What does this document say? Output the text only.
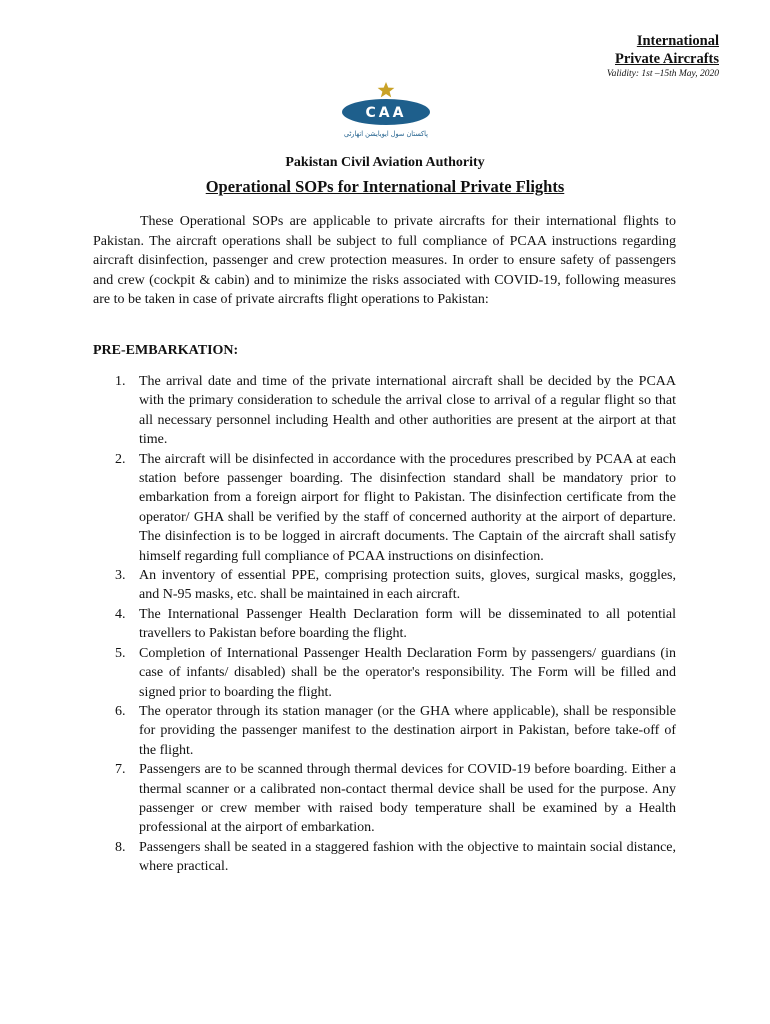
International
Private Aircrafts
Validity: 1st –15th May, 2020
CAA
پاکستان سول ایویایشن اتھارٹی
Pakistan Civil Aviation Authority
Operational SOPs for International Private Flights

These Operational SOPs are applicable to private aircrafts for their international flights to Pakistan. The aircraft operations shall be subject to full compliance of PCAA instructions regarding aircraft disinfection, passenger and crew protection measures. In order to ensure safety of passengers and crew (cockpit & cabin) and to minimize the risks associated with COVID-19, following measures are to be taken in case of private aircrafts flight operations to Pakistan:

PRE-EMBARKATION:
1. The arrival date and time of the private international aircraft shall be decided by the PCAA with the primary consideration to schedule the arrival close to arrival of a regular flight so that all necessary personnel including Health and other authorities are present at the airport at that time.
2. The aircraft will be disinfected in accordance with the procedures prescribed by PCAA at each station before passenger boarding. The disinfection standard shall be mandatory prior to embarkation from a foreign airport for flight to Pakistan. The disinfection certificate from the operator/ GHA shall be verified by the staff of concerned authority at the airport of departure. The disinfection is to be logged in aircraft documents. The Captain of the aircraft shall satisfy himself regarding full compliance of PCAA instructions on disinfection.
3. An inventory of essential PPE, comprising protection suits, gloves, surgical masks, goggles, and N-95 masks, etc. shall be maintained in each aircraft.
4. The International Passenger Health Declaration form will be disseminated to all potential travellers to Pakistan before boarding the flight.
5. Completion of International Passenger Health Declaration Form by passengers/ guardians (in case of infants/ disabled) shall be the operator's responsibility. The Form will be filled and signed prior to boarding the flight.
6. The operator through its station manager (or the GHA where applicable), shall be responsible for providing the passenger manifest to the destination airport in Pakistan, before take-off of the flight.
7. Passengers are to be scanned through thermal devices for COVID-19 before boarding. Either a thermal scanner or a calibrated non-contact thermal device shall be used for the purpose. Any passenger or crew member with raised body temperature shall be examined by a Health professional at the airport of embarkation.
8. Passengers shall be seated in a staggered fashion with the objective to maintain social distance, where practical.
